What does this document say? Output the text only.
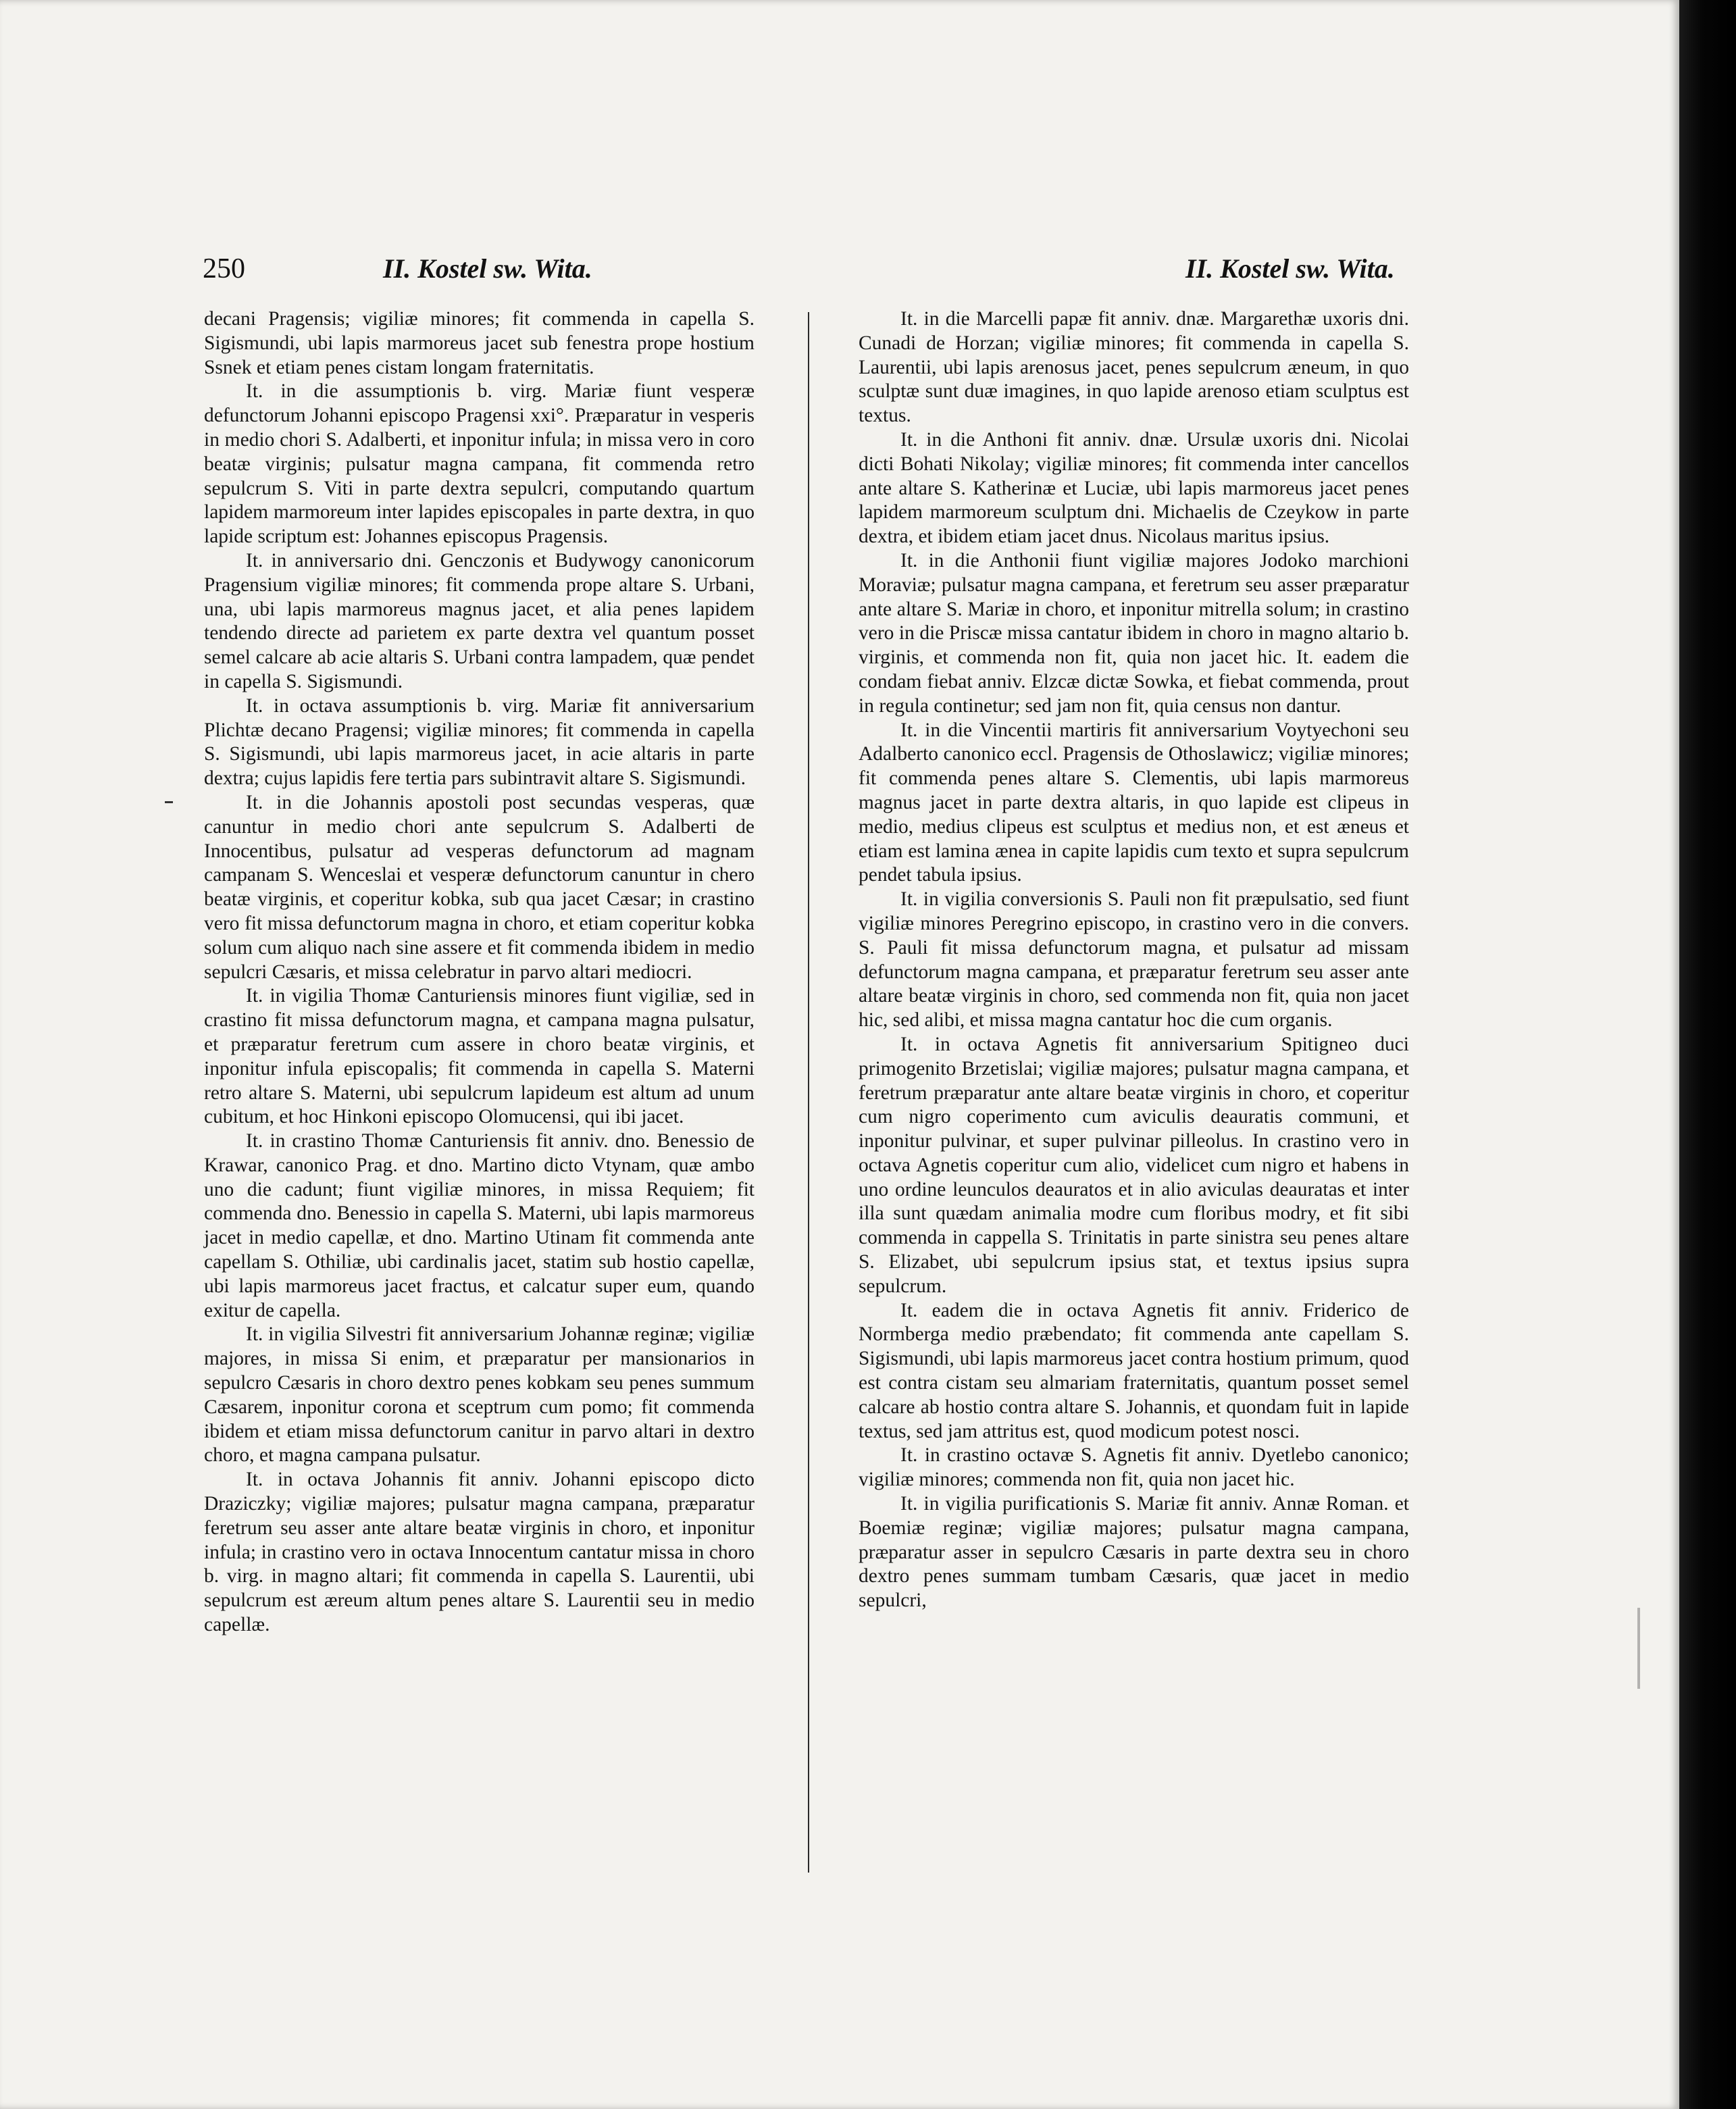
250	II. Kostel sw. Wita.	II. Kostel sw. Wita.

decani Pragensis; vigiliæ minores; fit commenda in capella S. Sigismundi, ubi lapis marmoreus jacet sub fenestra prope hostium Ssnek et etiam penes cistam longam fraternitatis.

It. in die assumptionis b. virg. Mariæ fiunt vesperæ defunctorum Johanni episcopo Pragensi xxi°. Præparatur in vesperis in medio chori S. Adalberti, et inponitur infula; in missa vero in coro beatæ virginis; pulsatur magna campana, fit commenda retro sepulcrum S. Viti in parte dextra sepulcri, computando quartum lapidem marmoreum inter lapides episcopales in parte dextra, in quo lapide scriptum est: Johannes episcopus Pragensis.

It. in anniversario dni. Genczonis et Budywogy canonicorum Pragensium vigiliæ minores; fit commenda prope altare S. Urbani, una, ubi lapis marmoreus magnus jacet, et alia penes lapidem tendendo directe ad parietem ex parte dextra vel quantum posset semel calcare ab acie altaris S. Urbani contra lampadem, quæ pendet in capella S. Sigismundi.

It. in octava assumptionis b. virg. Mariæ fit anniversarium Plichtæ decano Pragensi; vigiliæ minores; fit commenda in capella S. Sigismundi, ubi lapis marmoreus jacet, in acie altaris in parte dextra; cujus lapidis fere tertia pars subintravit altare S. Sigismundi.

It. in die Johannis apostoli post secundas vesperas, quæ canuntur in medio chori ante sepulcrum S. Adalberti de Innocentibus, pulsatur ad vesperas defunctorum ad magnam campanam S. Wenceslai et vesperæ defunctorum canuntur in chero beatæ virginis, et coperitur kobka, sub qua jacet Cæsar; in crastino vero fit missa defunctorum magna in choro, et etiam coperitur kobka solum cum aliquo nach sine assere et fit commenda ibidem in medio sepulcri Cæsaris, et missa celebratur in parvo altari mediocri.

It. in vigilia Thomæ Canturiensis minores fiunt vigiliæ, sed in crastino fit missa defunctorum magna, et campana magna pulsatur, et præparatur feretrum cum assere in choro beatæ virginis, et inponitur infula episcopalis; fit commenda in capella S. Materni retro altare S. Materni, ubi sepulcrum lapideum est altum ad unum cubitum, et hoc Hinkoni episcopo Olomucensi, qui ibi jacet.

It. in crastino Thomæ Canturiensis fit anniv. dno. Benessio de Krawar, canonico Prag. et dno. Martino dicto Vtynam, quæ ambo uno die cadunt; fiunt vigiliæ minores, in missa Requiem; fit commenda dno. Benessio in capella S. Materni, ubi lapis marmoreus jacet in medio capellæ, et dno. Martino Utinam fit commenda ante capellam S. Othiliæ, ubi cardinalis jacet, statim sub hostio capellæ, ubi lapis marmoreus jacet fractus, et calcatur super eum, quando exitur de capella.

It. in vigilia Silvestri fit anniversarium Johannæ reginæ; vigiliæ majores, in missa Si enim, et præparatur per mansionarios in sepulcro Cæsaris in choro dextro penes kobkam seu penes summum Cæsarem, inponitur corona et sceptrum cum pomo; fit commenda ibidem et etiam missa defunctorum canitur in parvo altari in dextro choro, et magna campana pulsatur.

It. in octava Johannis fit anniv. Johanni episcopo dicto Draziczky; vigiliæ majores; pulsatur magna campana, præparatur feretrum seu asser ante altare beatæ virginis in choro, et inponitur infula; in crastino vero in octava Innocentum cantatur missa in choro b. virg. in magno altari; fit commenda in capella S. Laurentii, ubi sepulcrum est æreum altum penes altare S. Laurentii seu in medio capellæ.

It. in die Marcelli papæ fit anniv. dnæ. Margarethæ uxoris dni. Cunadi de Horzan; vigiliæ minores; fit commenda in capella S. Laurentii, ubi lapis arenosus jacet, penes sepulcrum æneum, in quo sculptæ sunt duæ imagines, in quo lapide arenoso etiam sculptus est textus.

It. in die Anthoni fit anniv. dnæ. Ursulæ uxoris dni. Nicolai dicti Bohati Nikolay; vigiliæ minores; fit commenda inter cancellos ante altare S. Katherinæ et Luciæ, ubi lapis marmoreus jacet penes lapidem marmoreum sculptum dni. Michaelis de Czeykow in parte dextra, et ibidem etiam jacet dnus. Nicolaus maritus ipsius.

It. in die Anthonii fiunt vigiliæ majores Jodoko marchioni Moraviæ; pulsatur magna campana, et feretrum seu asser præparatur ante altare S. Mariæ in choro, et inponitur mitrella solum; in crastino vero in die Priscæ missa cantatur ibidem in choro in magno altario b. virginis, et commenda non fit, quia non jacet hic. It. eadem die condam fiebat anniv. Elzcæ dictæ Sowka, et fiebat commenda, prout in regula continetur; sed jam non fit, quia census non dantur.

It. in die Vincentii martiris fit anniversarium Voytyechoni seu Adalberto canonico eccl. Pragensis de Othoslawicz; vigiliæ minores; fit commenda penes altare S. Clementis, ubi lapis marmoreus magnus jacet in parte dextra altaris, in quo lapide est clipeus in medio, medius clipeus est sculptus et medius non, et est æneus et etiam est lamina ænea in capite lapidis cum texto et supra sepulcrum pendet tabula ipsius.

It. in vigilia conversionis S. Pauli non fit præpulsatio, sed fiunt vigiliæ minores Peregrino episcopo, in crastino vero in die convers. S. Pauli fit missa defunctorum magna, et pulsatur ad missam defunctorum magna campana, et præparatur feretrum seu asser ante altare beatæ virginis in choro, sed commenda non fit, quia non jacet hic, sed alibi, et missa magna cantatur hoc die cum organis.

It. in octava Agnetis fit anniversarium Spitigneo duci primogenito Brzetislai; vigiliæ majores; pulsatur magna campana, et feretrum præparatur ante altare beatæ virginis in choro, et coperitur cum nigro coperimento cum aviculis deauratis communi, et inponitur pulvinar, et super pulvinar pilleolus. In crastino vero in octava Agnetis coperitur cum alio, videlicet cum nigro et habens in uno ordine leunculos deauratos et in alio aviculas deauratas et inter illa sunt quædam animalia modre cum floribus modry, et fit sibi commenda in cappella S. Trinitatis in parte sinistra seu penes altare S. Elizabet, ubi sepulcrum ipsius stat, et textus ipsius supra sepulcrum.

It. eadem die in octava Agnetis fit anniv. Friderico de Normberga medio præbendato; fit commenda ante capellam S. Sigismundi, ubi lapis marmoreus jacet contra hostium primum, quod est contra cistam seu almariam fraternitatis, quantum posset semel calcare ab hostio contra altare S. Johannis, et quondam fuit in lapide textus, sed jam attritus est, quod modicum potest nosci.

It. in crastino octavæ S. Agnetis fit anniv. Dyetlebo canonico; vigiliæ minores; commenda non fit, quia non jacet hic.

It. in vigilia purificationis S. Mariæ fit anniv. Annæ Roman. et Boemiæ reginæ; vigiliæ majores; pulsatur magna campana, præparatur asser in sepulcro Cæsaris in parte dextra seu in choro dextro penes summam tumbam Cæsaris, quæ jacet in medio sepulcri,
